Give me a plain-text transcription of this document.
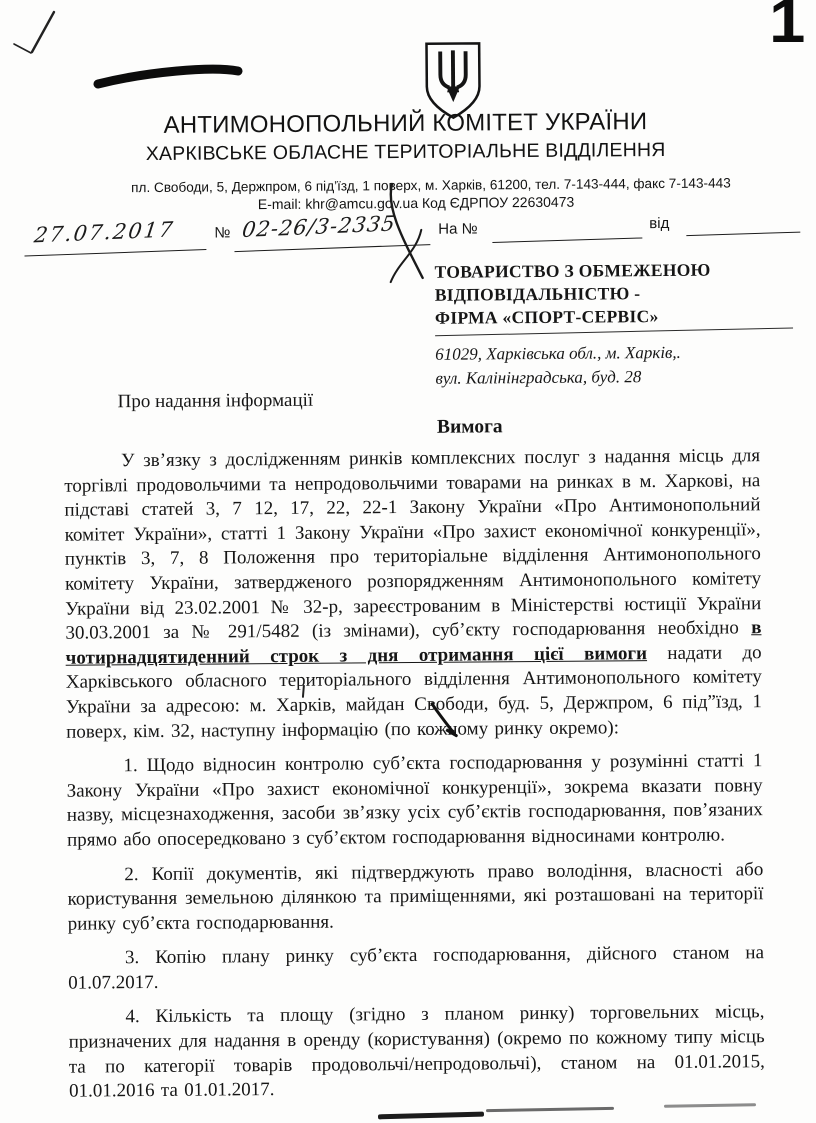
1
АНТИМОНОПОЛЬНИЙ КОМІТЕТ УКРАЇНИ
ХАРКІВСЬКЕ ОБЛАСНЕ ТЕРИТОРІАЛЬНЕ ВІДДІЛЕННЯ
пл. Свободи, 5, Держпром, 6 під’їзд, 1 поверх, м. Харків, 61200, тел. 7-143-444, факс 7-143-443
E-mail: khr@amcu.gov.ua Код ЄДРПОУ 22630473
27.07.2017	№ 02-26/3-2335	На №	від
ТОВАРИСТВО З ОБМЕЖЕНОЮ
ВІДПОВІДАЛЬНІСТЮ -
ФІРМА «СПОРТ-СЕРВІС»
61029, Харківська обл., м. Харків,.
вул. Калінінградська, буд. 28
Про надання інформації
Вимога

У зв’язку з дослідженням ринків комплексних послуг з надання місць для торгівлі продовольчими та непродовольчими товарами на ринках в м. Харкові, на підставі статей 3, 7 12, 17, 22, 22-1 Закону України «Про Антимонопольний комітет України», статті 1 Закону України «Про захист економічної конкуренції», пунктів 3, 7, 8 Положення про територіальне відділення Антимонопольного комітету України, затвердженого розпорядженням Антимонопольного комітету України від 23.02.2001 № 32-р, зареєстрованим в Міністерстві юстиції України 30.03.2001 за № 291/5482 (із змінами), суб’єкту господарювання необхідно в чотирнадцятиденний строк з дня отримання цієї вимоги надати до Харківського обласного територіального відділення Антимонопольного комітету України за адресою: м. Харків, майдан Свободи, буд. 5, Держпром, 6 під”їзд, 1 поверх, кім. 32, наступну інформацію (по кожному ринку окремо):

1. Щодо відносин контролю суб’єкта господарювання у розумінні статті 1 Закону України «Про захист економічної конкуренції», зокрема вказати повну назву, місцезнаходження, засоби зв’язку усіх суб’єктів господарювання, пов’язаних прямо або опосередковано з суб’єктом господарювання відносинами контролю.

2. Копії документів, які підтверджують право володіння, власності або користування земельною ділянкою та приміщеннями, які розташовані на території ринку суб’єкта господарювання.

3. Копію плану ринку суб’єкта господарювання, дійсного станом на 01.07.2017.

4. Кількість та площу (згідно з планом ринку) торговельних місць, призначених для надання в оренду (користування) (окремо по кожному типу місць та по категорії товарів продовольчі/непродовольчі), станом на 01.01.2015, 01.01.2016 та 01.01.2017.
